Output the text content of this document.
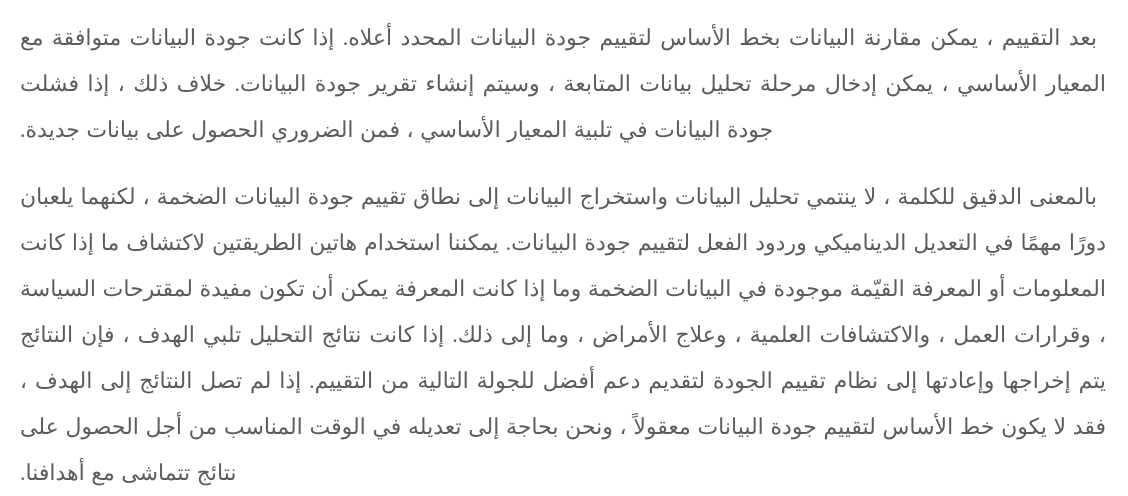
بعد التقييم ، يمكن مقارنة البيانات بخط الأساس لتقييم جودة البيانات المحدد أعلاه. إذا كانت جودة البيانات متوافقة مع المعيار الأساسي ، يمكن إدخال مرحلة تحليل بيانات المتابعة ، وسيتم إنشاء تقرير جودة البيانات. خلاف ذلك ، إذا فشلت جودة البيانات في تلبية المعيار الأساسي ، فمن الضروري الحصول على بيانات جديدة.

بالمعنى الدقيق للكلمة ، لا ينتمي تحليل البيانات واستخراج البيانات إلى نطاق تقييم جودة البيانات الضخمة ، لكنهما يلعبان دورًا مهمًا في التعديل الديناميكي وردود الفعل لتقييم جودة البيانات. يمكننا استخدام هاتين الطريقتين لاكتشاف ما إذا كانت المعلومات أو المعرفة القيّمة موجودة في البيانات الضخمة وما إذا كانت المعرفة يمكن أن تكون مفيدة لمقترحات السياسة ، وقرارات العمل ، والاكتشافات العلمية ، وعلاج الأمراض ، وما إلى ذلك. إذا كانت نتائج التحليل تلبي الهدف ، فإن النتائج يتم إخراجها وإعادتها إلى نظام تقييم الجودة لتقديم دعم أفضل للجولة التالية من التقييم. إذا لم تصل النتائج إلى الهدف ، فقد لا يكون خط الأساس لتقييم جودة البيانات معقولاً ، ونحن بحاجة إلى تعديله في الوقت المناسب من أجل الحصول على نتائج تتماشى مع أهدافنا.
